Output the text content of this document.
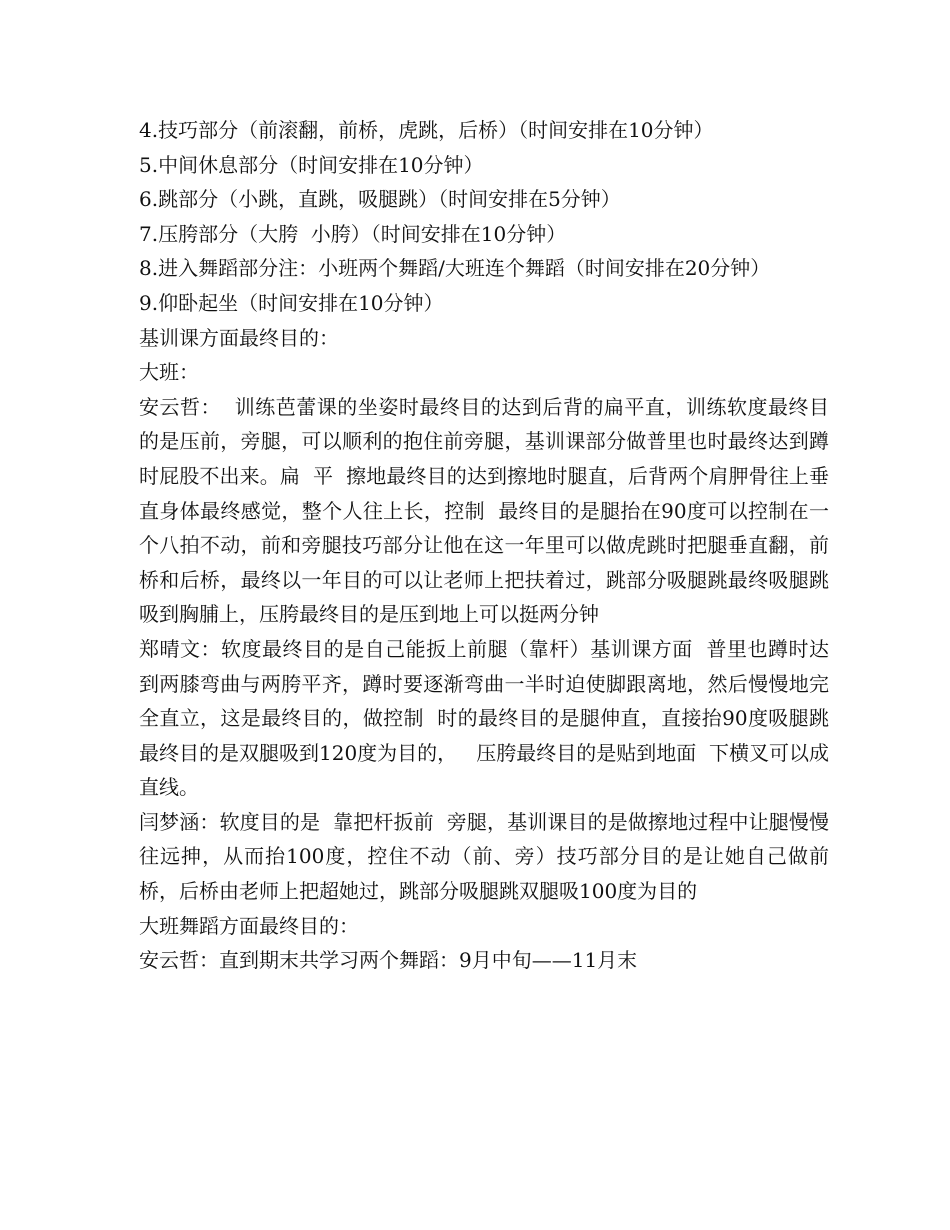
4.技巧部分（前滚翻，前桥，虎跳，后桥）（时间安排在10分钟）

5.中间休息部分（时间安排在10分钟）

6.跳部分（小跳，直跳，吸腿跳）（时间安排在5分钟）

7.压胯部分（大胯  小胯）（时间安排在10分钟）

8.进入舞蹈部分注：小班两个舞蹈/大班连个舞蹈（时间安排在20分钟）

9.仰卧起坐（时间安排在10分钟）

基训课方面最终目的：

大班：

安云哲：  训练芭蕾课的坐姿时最终目的达到后背的扁平直，训练软度最终目的是压前，旁腿，可以顺利的抱住前旁腿，基训课部分做普里也时最终达到蹲时屁股不出来。扁  平  擦地最终目的达到擦地时腿直，后背两个肩胛骨往上垂直身体最终感觉，整个人往上长，控制  最终目的是腿抬在90度可以控制在一个八拍不动，前和旁腿技巧部分让他在这一年里可以做虎跳时把腿垂直翻，前桥和后桥，最终以一年目的可以让老师上把扶着过，跳部分吸腿跳最终吸腿跳吸到胸脯上，压胯最终目的是压到地上可以挺两分钟

郑晴文：软度最终目的是自己能扳上前腿（靠杆）基训课方面  普里也蹲时达到两膝弯曲与两胯平齐，蹲时要逐渐弯曲一半时迫使脚跟离地，然后慢慢地完全直立，这是最终目的，做控制  时的最终目的是腿伸直，直接抬90度吸腿跳最终目的是双腿吸到120度为目的，   压胯最终目的是贴到地面  下横叉可以成直线。

闫梦涵：软度目的是  靠把杆扳前  旁腿，基训课目的是做擦地过程中让腿慢慢往远抻，从而抬100度，控住不动（前、旁）技巧部分目的是让她自己做前桥，后桥由老师上把超她过，跳部分吸腿跳双腿吸100度为目的

大班舞蹈方面最终目的：

安云哲：直到期末共学习两个舞蹈：9月中旬——11月末
